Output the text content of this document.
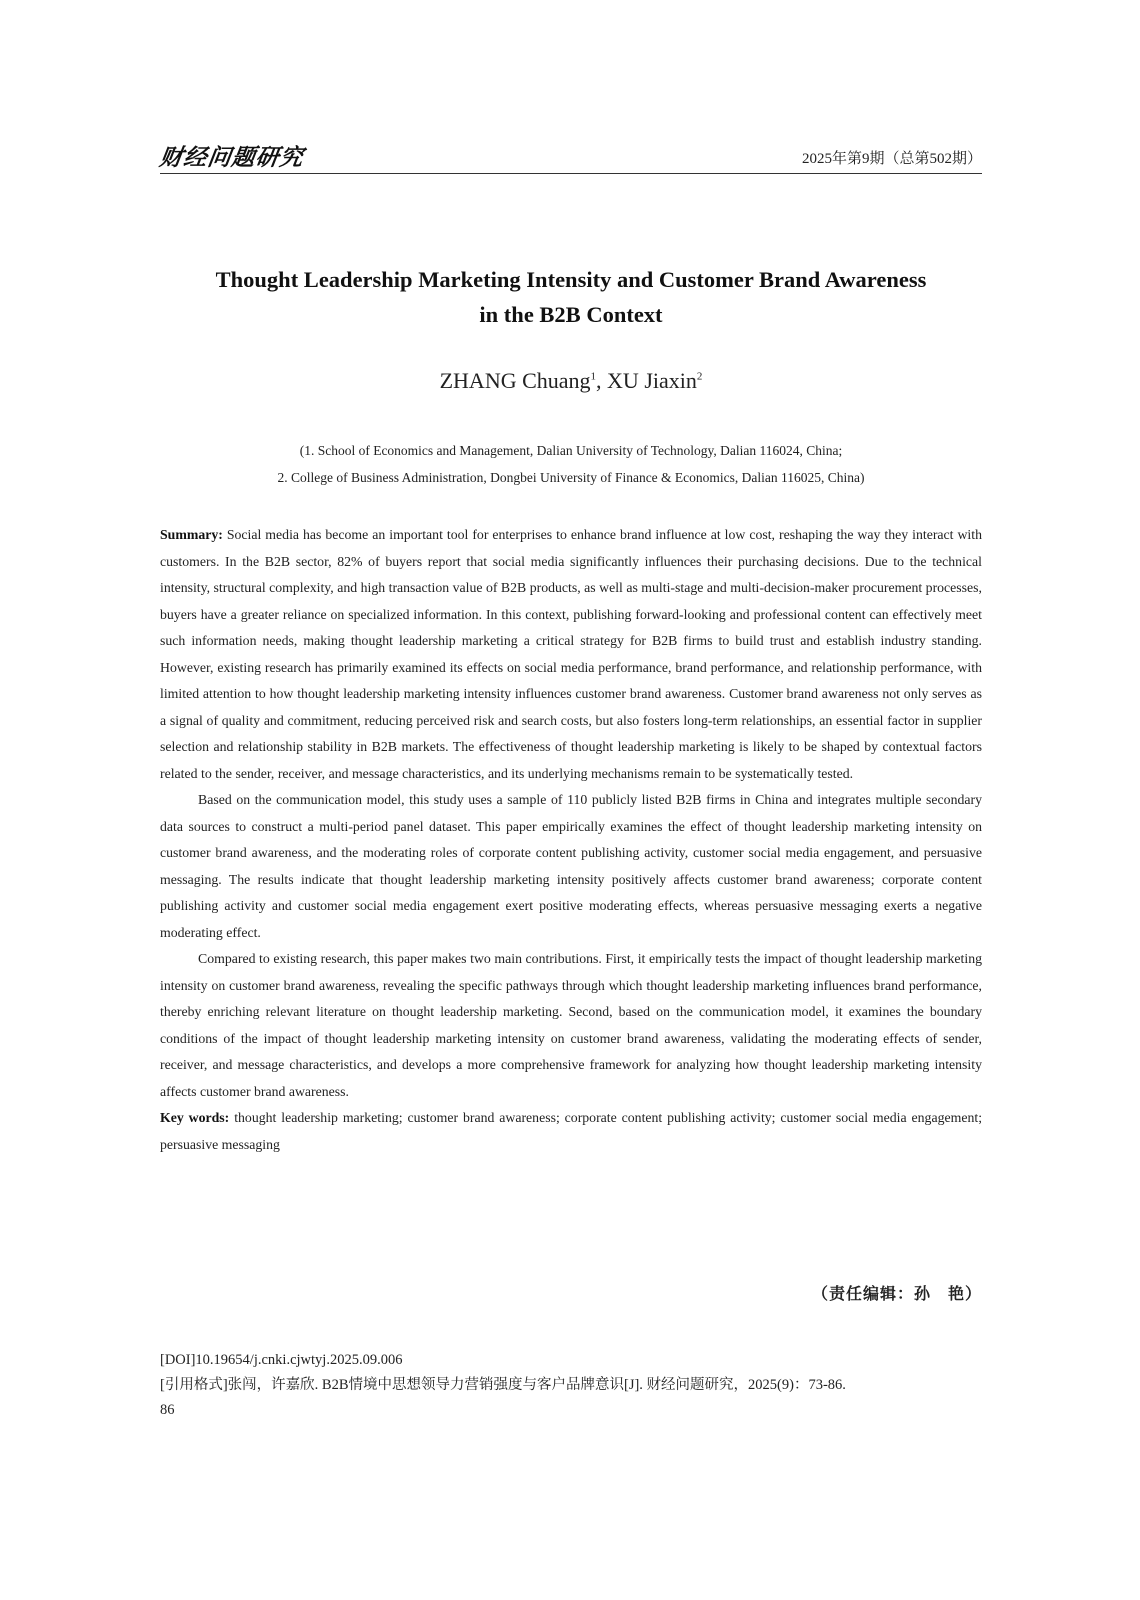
财经问题研究	2025年第9期（总第502期）
Thought Leadership Marketing Intensity and Customer Brand Awareness
in the B2B Context
ZHANG Chuang$^1$, XU Jiaxin$^2$
(1. School of Economics and Management, Dalian University of Technology, Dalian 116024, China;
2. College of Business Administration, Dongbei University of Finance & Economics, Dalian 116025, China)

Summary: Social media has become an important tool for enterprises to enhance brand influence at low cost, reshaping the way they interact with customers. In the B2B sector, 82% of buyers report that social media significantly influences their purchasing decisions. Due to the technical intensity, structural complexity, and high transaction value of B2B products, as well as multi-stage and multi-decision-maker procurement processes, buyers have a greater reliance on specialized information. In this context, publishing forward-looking and professional content can effectively meet such information needs, making thought leadership marketing a critical strategy for B2B firms to build trust and establish industry standing. However, existing research has primarily examined its effects on social media performance, brand performance, and relationship performance, with limited attention to how thought leadership marketing intensity influences customer brand awareness. Customer brand awareness not only serves as a signal of quality and commitment, reducing perceived risk and search costs, but also fosters long-term relationships, an essential factor in supplier selection and relationship stability in B2B markets. The effectiveness of thought leadership marketing is likely to be shaped by contextual factors related to the sender, receiver, and message characteristics, and its underlying mechanisms remain to be systematically tested.

Based on the communication model, this study uses a sample of 110 publicly listed B2B firms in China and integrates multiple secondary data sources to construct a multi-period panel dataset. This paper empirically examines the effect of thought leadership marketing intensity on customer brand awareness, and the moderating roles of corporate content publishing activity, customer social media engagement, and persuasive messaging. The results indicate that thought leadership marketing intensity positively affects customer brand awareness; corporate content publishing activity and customer social media engagement exert positive moderating effects, whereas persuasive messaging exerts a negative moderating effect.

Compared to existing research, this paper makes two main contributions. First, it empirically tests the impact of thought leadership marketing intensity on customer brand awareness, revealing the specific pathways through which thought leadership marketing influences brand performance, thereby enriching relevant literature on thought leadership marketing. Second, based on the communication model, it examines the boundary conditions of the impact of thought leadership marketing intensity on customer brand awareness, validating the moderating effects of sender, receiver, and message characteristics, and develops a more comprehensive framework for analyzing how thought leadership marketing intensity affects customer brand awareness.

Key words: thought leadership marketing; customer brand awareness; corporate content publishing activity; customer social media engagement; persuasive messaging

（责任编辑：孙　艳）
[DOI]10.19654/j.cnki.cjwtyj.2025.09.006
[引用格式]张闯，许嘉欣. B2B情境中思想领导力营销强度与客户品牌意识[J]. 财经问题研究，2025(9)：73-86.
86
